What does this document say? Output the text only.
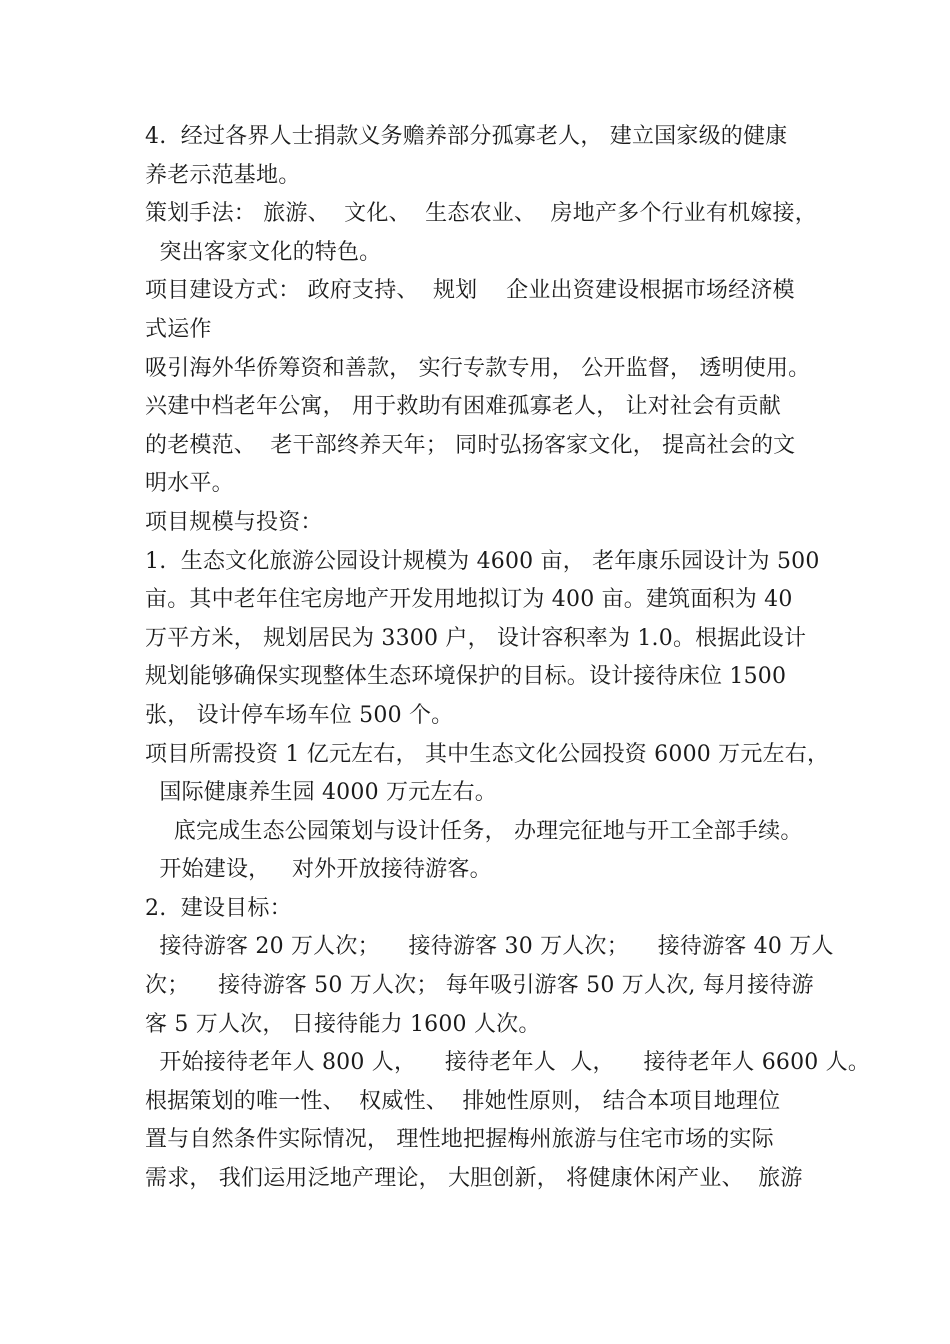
4.  经过各界人士捐款义务赡养部分孤寡老人， 建立国家级的健康
养老示范基地。
策划手法： 旅游、  文化、  生态农业、  房地产多个行业有机嫁接，
突出客家文化的特色。
项目建设方式： 政府支持、  规划    企业出资建设根据市场经济模
式运作
吸引海外华侨筹资和善款， 实行专款专用， 公开监督， 透明使用。
兴建中档老年公寓， 用于救助有困难孤寡老人， 让对社会有贡献
的老模范、  老干部终养天年； 同时弘扬客家文化， 提高社会的文
明水平。
项目规模与投资：
1.  生态文化旅游公园设计规模为 4600 亩， 老年康乐园设计为 500
亩。其中老年住宅房地产开发用地拟订为 400 亩。建筑面积为 40
万平方米， 规划居民为 3300 户， 设计容积率为 1.0。根据此设计
规划能够确保实现整体生态环境保护的目标。设计接待床位 1500
张， 设计停车场车位 500 个。
项目所需投资 1 亿元左右， 其中生态文化公园投资 6000 万元左右，
国际健康养生园 4000 万元左右。
底完成生态公园策划与设计任务， 办理完征地与开工全部手续。
开始建设，   对外开放接待游客。
2.  建设目标：
接待游客 20 万人次；    接待游客 30 万人次；    接待游客 40 万人
次；    接待游客 50 万人次； 每年吸引游客 50 万人次, 每月接待游
客 5 万人次， 日接待能力 1600 人次。
开始接待老年人 800 人，    接待老年人  人，    接待老年人 6600 人。
根据策划的唯一性、  权威性、  排她性原则， 结合本项目地理位
置与自然条件实际情况， 理性地把握梅州旅游与住宅市场的实际
需求， 我们运用泛地产理论， 大胆创新， 将健康休闲产业、  旅游
